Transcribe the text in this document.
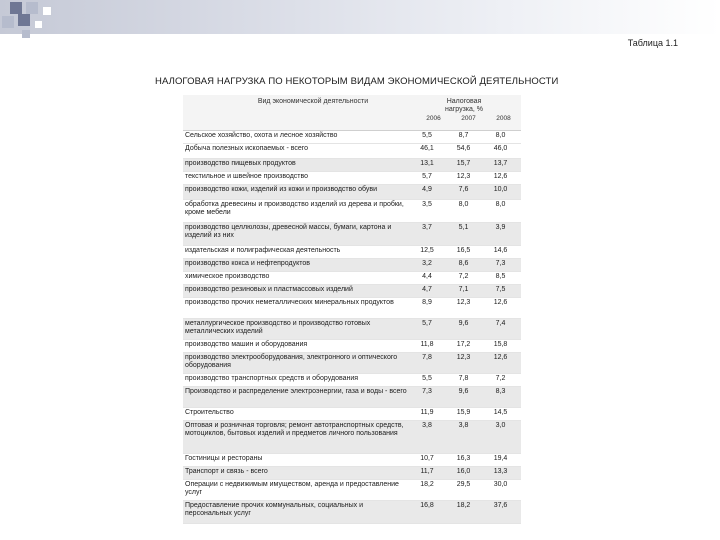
Таблица 1.1
НАЛОГОВАЯ НАГРУЗКА ПО НЕКОТОРЫМ ВИДАМ ЭКОНОМИЧЕСКОЙ ДЕЯТЕЛЬНОСТИ
Вид экономической деятельности	Налоговая нагрузка, %
2006	2007	2008
Сельское хозяйство, охота и лесное хозяйство	5,5	8,7	8,0
Добыча полезных ископаемых - всего	46,1	54,6	46,0
производство пищевых продуктов	13,1	15,7	13,7
текстильное и швейное производство	5,7	12,3	12,6
производство кожи, изделий из кожи и производство обуви	4,9	7,6	10,0
обработка древесины и производство изделий из дерева и пробки, кроме мебели
3,5	8,0	8,0
производство целлюлозы, древесной массы, бумаги, картона и изделий из них
3,7	5,1	3,9
издательская и полиграфическая деятельность	12,5	16,5	14,6
производство кокса и нефтепродуктов	3,2	8,6	7,3
химическое производство	4,4	7,2	8,5
производство резиновых и пластмассовых изделий	4,7	7,1	7,5
производство прочих неметаллических минеральных продуктов	8,9	12,3	12,6
металлургическое производство и производство готовых металлических изделий
5,7	9,6	7,4
производство машин и оборудования	11,8	17,2	15,8
производство электрооборудования, электронного и оптического оборудования
7,8	12,3	12,6
производство транспортных средств и оборудования	5,5	7,8	7,2
Производство и распределение электроэнергии, газа и воды - всего	7,3	9,6	8,3
Строительство	11,9	15,9	14,5
Оптовая и розничная торговля; ремонт автотранспортных средств, мотоциклов, бытовых изделий и предметов личного пользования
3,8	3,8	3,0
Гостиницы и рестораны	10,7	16,3	19,4
Транспорт и связь - всего	11,7	16,0	13,3
Операции с недвижимым имуществом, аренда и предоставление услуг
18,2	29,5	30,0
Предоставление прочих коммунальных, социальных и персональных услуг
16,8	18,2	37,6
